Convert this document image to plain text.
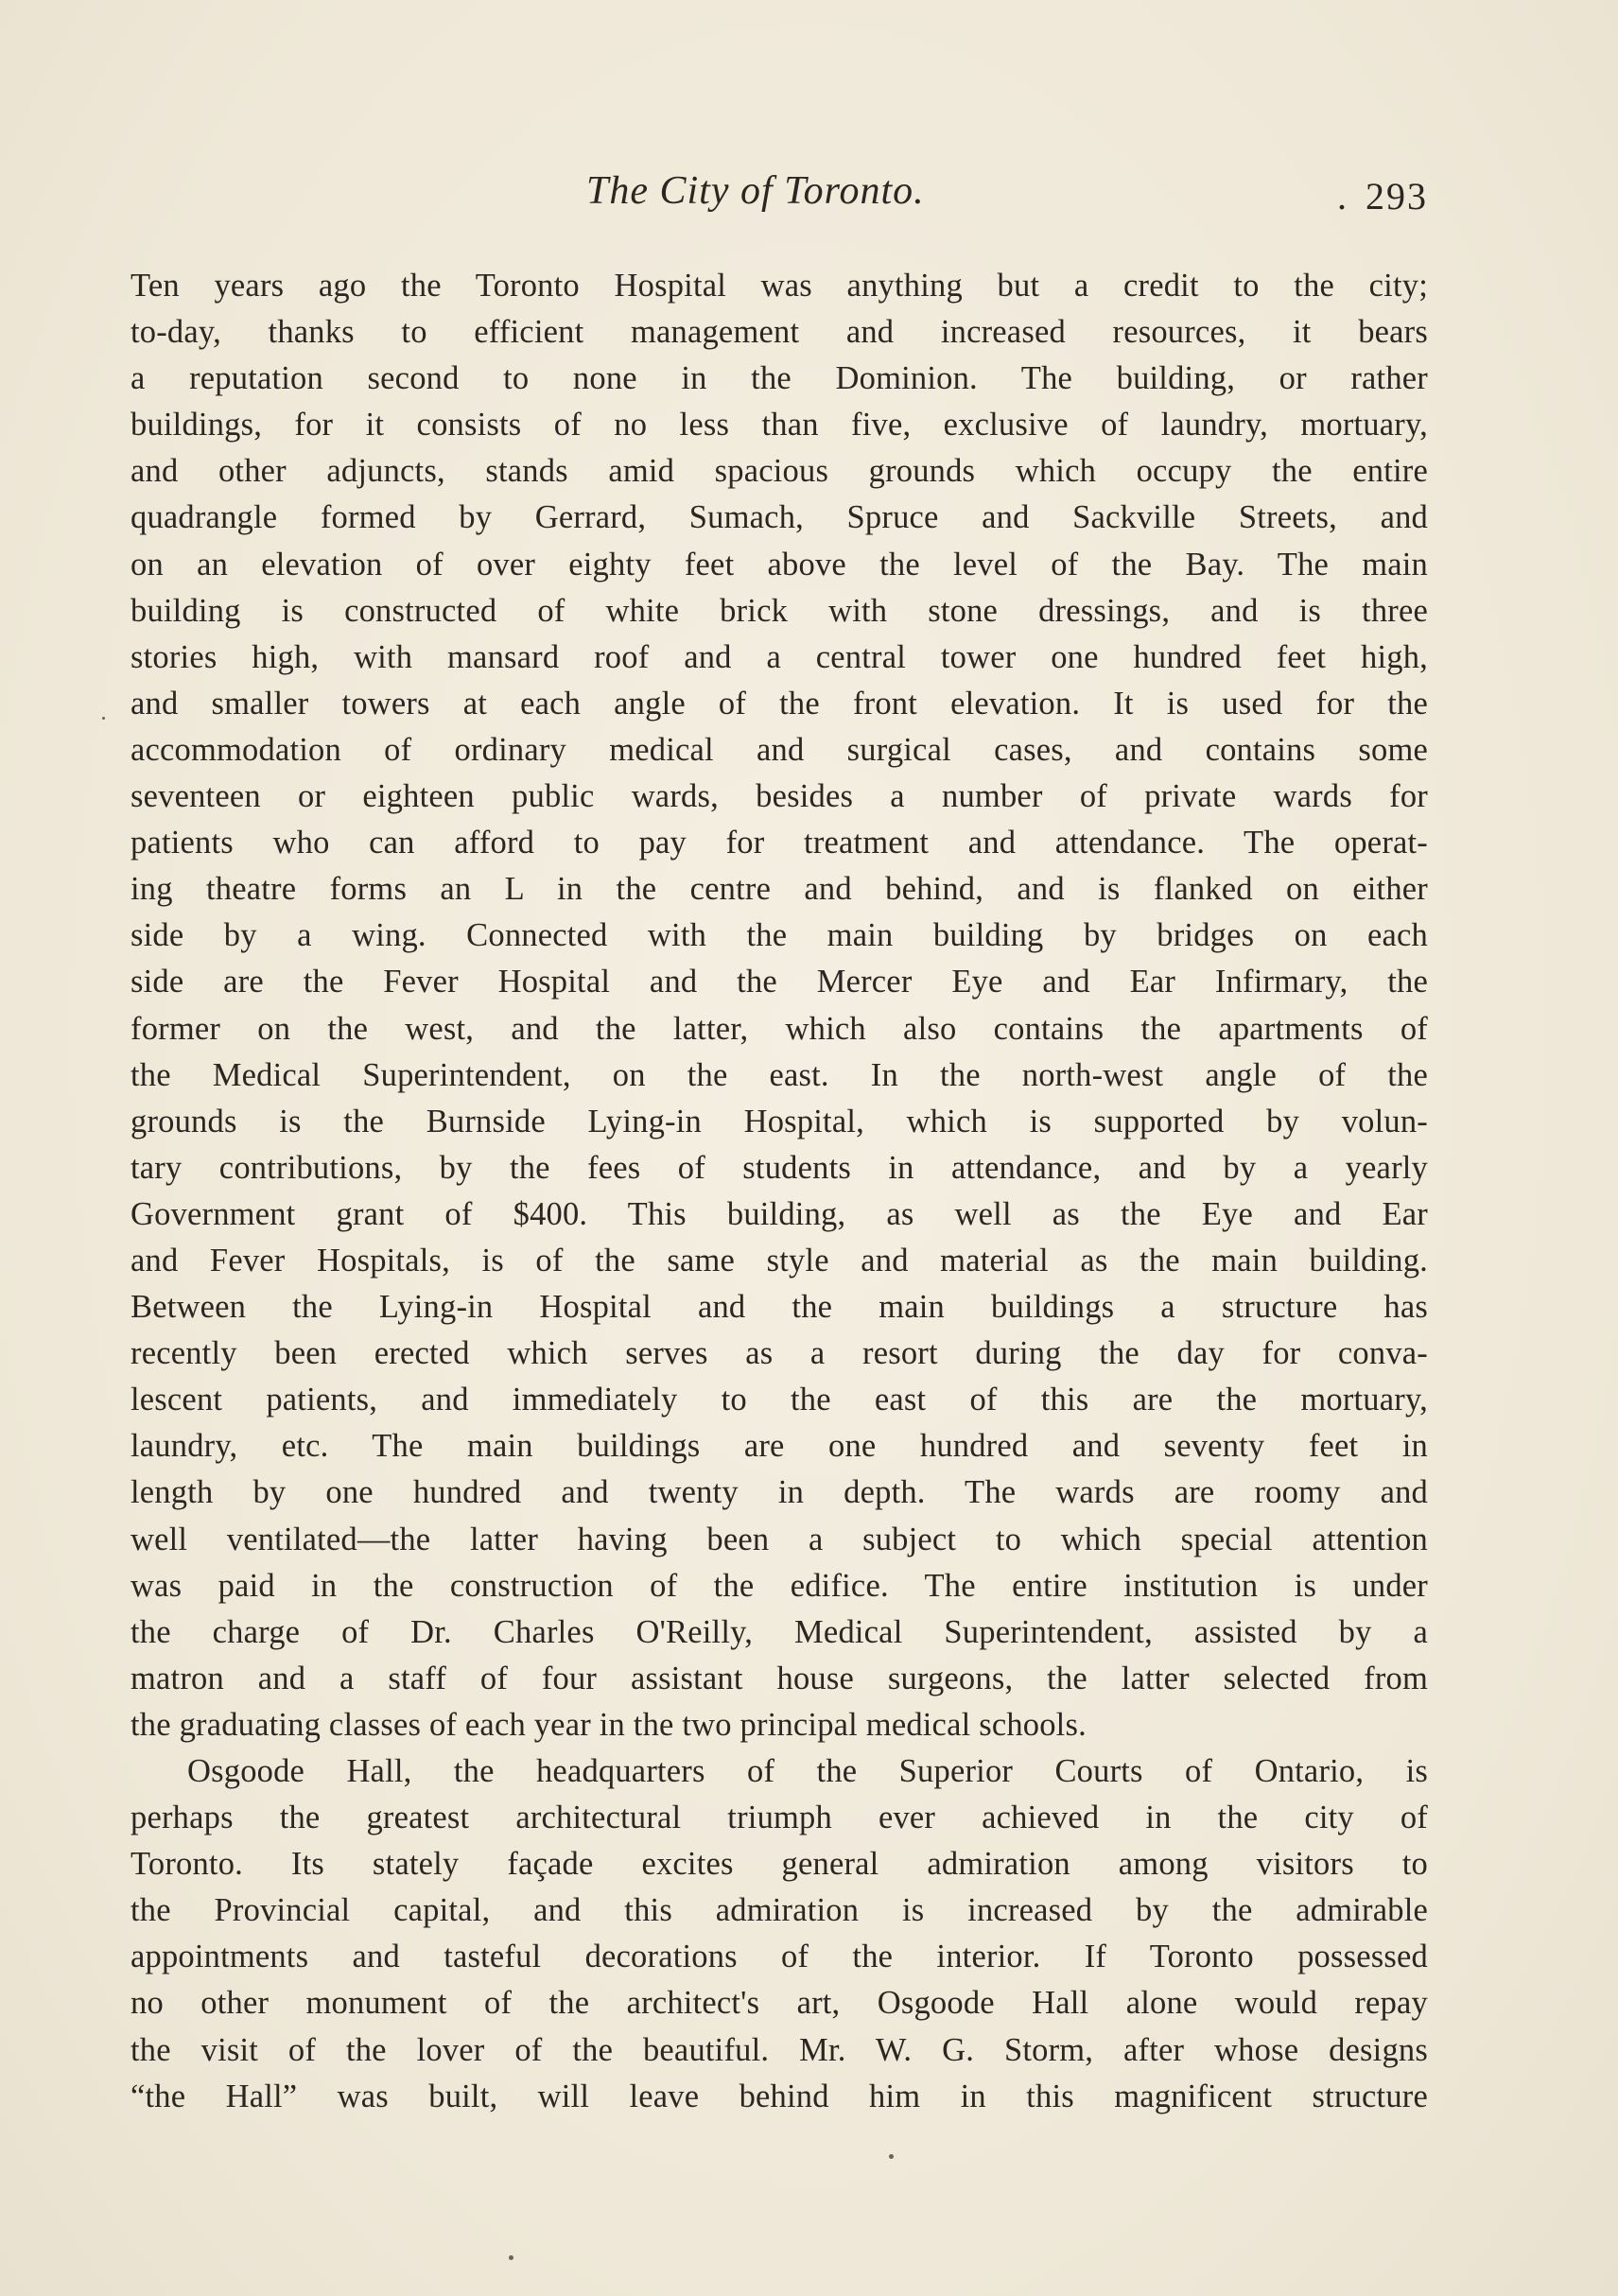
The City of Toronto.	. 293
Ten years ago the Toronto Hospital was anything but a credit to the city;
to-day, thanks to efficient management and increased resources, it bears
a reputation second to none in the Dominion. The building, or rather
buildings, for it consists of no less than five, exclusive of laundry, mortuary,
and other adjuncts, stands amid spacious grounds which occupy the entire
quadrangle formed by Gerrard, Sumach, Spruce and Sackville Streets, and
on an elevation of over eighty feet above the level of the Bay. The main
building is constructed of white brick with stone dressings, and is three
stories high, with mansard roof and a central tower one hundred feet high,
and smaller towers at each angle of the front elevation. It is used for the
accommodation of ordinary medical and surgical cases, and contains some
seventeen or eighteen public wards, besides a number of private wards for
patients who can afford to pay for treatment and attendance. The operat-
ing theatre forms an L in the centre and behind, and is flanked on either
side by a wing. Connected with the main building by bridges on each
side are the Fever Hospital and the Mercer Eye and Ear Infirmary, the
former on the west, and the latter, which also contains the apartments of
the Medical Superintendent, on the east. In the north-west angle of the
grounds is the Burnside Lying-in Hospital, which is supported by volun-
tary contributions, by the fees of students in attendance, and by a yearly
Government grant of $400. This building, as well as the Eye and Ear
and Fever Hospitals, is of the same style and material as the main building.
Between the Lying-in Hospital and the main buildings a structure has
recently been erected which serves as a resort during the day for conva-
lescent patients, and immediately to the east of this are the mortuary,
laundry, etc. The main buildings are one hundred and seventy feet in
length by one hundred and twenty in depth. The wards are roomy and
well ventilated—the latter having been a subject to which special attention
was paid in the construction of the edifice. The entire institution is under
the charge of Dr. Charles O'Reilly, Medical Superintendent, assisted by a
matron and a staff of four assistant house surgeons, the latter selected from
the graduating classes of each year in the two principal medical schools.
Osgoode Hall, the headquarters of the Superior Courts of Ontario, is
perhaps the greatest architectural triumph ever achieved in the city of
Toronto. Its stately façade excites general admiration among visitors to
the Provincial capital, and this admiration is increased by the admirable
appointments and tasteful decorations of the interior. If Toronto possessed
no other monument of the architect's art, Osgoode Hall alone would repay
the visit of the lover of the beautiful. Mr. W. G. Storm, after whose designs
“the Hall” was built, will leave behind him in this magnificent structure
